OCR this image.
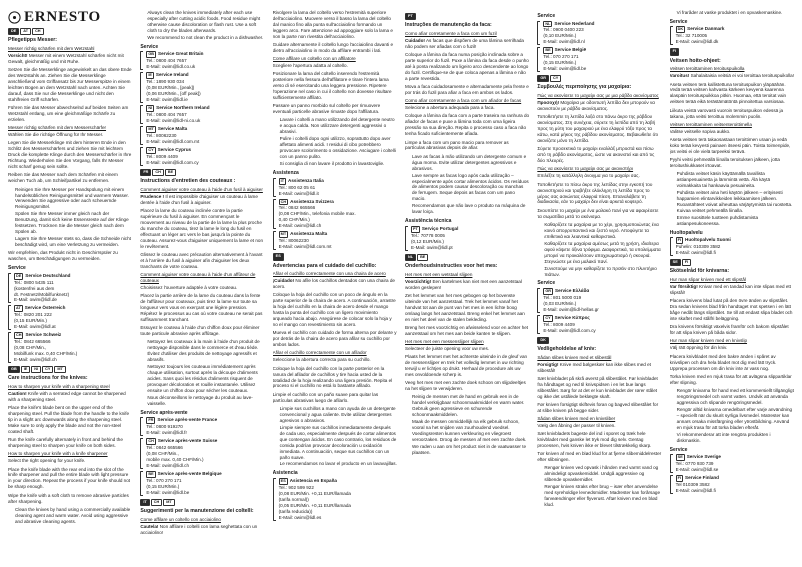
ERNESTO
DE	AT	CH
Pflegetipps Messer:
Messer richtig schärfen mit dem Wetzstahl

Vorsicht! Messer mit einem Wetzstahl schärfen nicht mit Gewalt, gleichmäßig und mit Ruhe.

Setzen Sie die Messerklinge angewinkelt an das obere Ende des Wetzstahls an. Ziehen Sie die Messerklinge anschließend vom Griffansatz bis zur Messerspitze in einem leichten Bogen an dem Wetzstahl nach unten. Achten Sie darauf, dass Sie nur die Messerklinge und nicht den stahlfreien Griff schärfen.

Führen Sie das Messer abwechselnd auf beiden Seiten am Wetzstahl entlang, um eine gleichmäßige Schärfe zu erzielen.

Messer richtig schärfen mit dem Messerschärfer

Wählen Sie die richtige Öffnung für Ihr Messer.

Legen Sie die Messerklinge mit dem hinteren Ende in den Schlitz des Messerschärfers und ziehen Sie mit leichtem Druck die komplette Klinge durch den Messerschärfer in Ihre Richtung. Wiederholen Sie den Vorgang, falls Ihr Messer nicht scharf genug sein sollte.

Reiben Sie das Messer nach dem Schärfen mit einem weichen Tuch ab, um Schleifpartikel zu entfernen.

• Reinigen Sie Ihre Messer per Handspülung mit einem handelsüblichen Reinigungsmittel und warmem Wasser. Verwenden Sie aggressive oder auch scheuernde Reinigungsmittel.
• Spülen Sie Ihre Messer immer gleich nach der Benutzung, damit sich keine Essensreste auf der Klinge festsetzen. Trocknen Sie die Messer gleich nach dem Spülen ab.
• Lagern Sie Ihre Messer stets so, dass die Schneide nicht beschädigt wird, um eine Verletzung zu vermeiden.

Wir empfehlen, das Produkt nicht in Geschirrspüler zu waschen, um Beschädigungen zu vermeiden.

Service
DE Service Deutschland
Tel.: 0800 5435 111
(kostenfrei aus dem
dt. Festnetz/Mobilfunknetz)
E-Mail: owim@lidl.de
AT Service Österreich
Tel.: 0820 201 222
(0,15 EUR/Min.)
E-Mail: owim@lidl.at
CH Service Schweiz
Tel.: 0842 665566
(0,08 CHF/Min.,
Mobilfunk max. 0,40 CHF/Min.)
E-Mail: owim@lidl.ch
GB	IE	NI	CY	MT
Care instructions for the knives:
How to sharpen your knife with a sharpening steel

Caution! Knife with a serrated edge cannot be sharpened with a sharpening steel.

Place the knife's blade bent on the upper end of the sharpening steel. Pull the blade from the handle to the knife tip in a slight arc downwards along the sharpening steel. Make sure to only apply the blade and not the non-steel coated shaft.

Run the knife carefully alternately in front and behind the sharpening steel to sharpen your knife on both sides.

How to sharpen your knife with a knife sharpener

Select the right opening for your knife.

Place the knife blade with the rear end into the slot of the knife sharpener and pull the entire blade with light pressure in your direction. Repeat the process if your knife should not be sharp enough.

Wipe the knife with a soft cloth to remove abrasive particles after sharpening.

• Clean the knives by hand using a commercially available cleaning agent and warm water. Avoid using aggressive and abrasive cleaning agents.
• Always clean the knives immediately after each use especially after cutting acidic foods. Food residue might otherwise cause discoloration or flash rust. Use a soft cloth to dry the blades afterwards.
• We recommend to not clean the product in a dishwasher.
Service
GB Service Great Britain
Tel.: 0800 404 7657
E-Mail: owim@lidl.co.uk
IE Service Ireland
Tel.: 1890 930 034
(0,08 EUR/Min., [peak])
(0,06 EUR/Min., [off peak])
E-Mail: owim@lidl.ie
NI Service Northern Ireland
Tel.: 0800 404 7657
E-Mail: owim@lidl-ni.co.uk
MT Service Malta
Tel.: 80062230
E-Mail: owim@lidl.com.mt
CY Service Cyprus
Tel.: 8009 4409
E-Mail: owim@lidl.com.cy
FR	CH	BE
Instructions d'entretien des couteaux :
Comment aiguiser votre couteau à l'aide d'un fusil à aiguiser

Prudence ! Il est impossible d'aiguiser un couteau à lame dentée à l'aide d'un fusil à aiguiser.

Placez la lame du couteau inclinée contre la partie supérieure du fusil à aiguiser. En commençant le mouvement au niveau de la partie de la lame la plus proche du manche du couteau, tirez la lame le long du fusil en effectuant un léger arc vers le bas jusqu'à la pointe du couteau. Assurez-vous d'aiguiser uniquement la lame et non le revêtement.

Glissez le couteau avec précaution alternativement à l'avant et à l'arrière du fusil à aiguiser afin d'aiguiser les deux tranchants de votre couteau.

Comment aiguiser votre couteau à l'aide d'un affûteur de couteaux

Choisissez l'ouverture adaptée à votre couteau.

Placez la partie arrière de la lame du couteau dans la fente de l'affûteur pour couteaux, puis tirez la lame sur toute sa longueur vers vous en exerçant une légère pression. Répétez le processus au cas où votre couteau ne serait pas suffisamment tranchant.

Essuyez le couteau à l'aide d'un chiffon doux pour éliminer toute particule abrasive après affûtage.

• Nettoyez les couteaux à la main à l'aide d'un produit de nettoyage disponible dans le commerce et d'eau tiède. Évitez d'utiliser des produits de nettoyage agressifs et abrasifs.
• Nettoyez toujours les couteaux immédiatement après chaque utilisation, surtout après la découpe d'aliments acides. Sans quoi les résidus d'aliments risquent de provoquer décoloration et rouille instantanée. Utilisez ensuite un chiffon doux pour sécher les couteaux.
• Nous déconseillons le nettoyage du produit au lave-vaisselle.
Service après-vente
FR Service après-vente France
Tel.: 0800 919270
E-Mail: owim@lidl.fr
CH Service après-vente Suisse
Tel.: 0842 665566
(0,08 CHF/Min.,
mobile max. 0,40 CHF/Min.)
E-Mail: owim@lidl.ch
BE Service après-vente Belgique
Tel.: 070 270 171
(0,15 EUR/Min.)
E-Mail: owim@lidl.be
IT	CH	MT
Suggerimenti per la manutenzione dei coltelli:
Come affilare un coltello con acciaiolino

Cautela! Non affilare i coltelli con lama seghettata con un acciaiolino!

Rivolgere la lama del coltello verso l'estremità superiore dell'acciaiolino. Muovere verso il basso la lama del coltello dal manico fino alla punta sull'acciaiolino formando un leggero arco. Fare attenzione ad appoggiare solo la lama e non la parte non rivestita dell'acciaiolino.

Guidare alternamente il coltello lungo l'acciaiolino davanti e dietro all'acciaiolino in modo da affilare entrambi i lati.

Come affilare un coltello con un affilatore

Scegliere l'apertura adatta al coltello.

Posizionare la lama del coltello inserendo l'estremità posteriore nella fessura dell'affilatore e tirare l'intera lama verso di sé esercitando una leggera pressione. Ripetere l'operazione nel caso in cui il coltello non dovesse risultare sufficientemente affilato.

Passare un panno morbido sul coltello per rimuovere eventuali particelle abrasive rimaste dopo l'affilatura.

• Lavare i coltelli a mano utilizzando del detergente neutro e acqua calda. Non utilizzare detergenti aggressivi o abrasivi.
• Pulire i coltelli dopo ogni utilizzo, soprattutto dopo aver affettato alimenti acidi. I residui di cibo potrebbero provocare scolorimento o ossidazione. Asciugare i coltelli con un panno pulito.
• Si consiglia di non lavare il prodotto in lavastoviglie.
Assistenza
IT Assistenza Italia
Tel.: 800 62 05 61
E-Mail: owim@lidl.it
CH Assistenza Svizzera
Tel.: 0842 665566
(0,08 CHF/Min., telefonia mobile max.
0,40 CHF/Min.)
E-Mail: owim@lidl.ch
MT Assistenza Malta
Tel.: 80062230
E-Mail: owim@lidl.com.mt
ES
Advertencias para el cuidado del cuchillo:
Afilar el cuchillo correctamente con una chaira de acero

¡Cuidado! No afile los cuchillos dentados con una chaira de acero.

Coloque la hoja del cuchillo con un poco de ángulo en la parte superior de la chaira de acero. A continuación, arrastre la hoja del cuchillo en la chaira de acero desde el mango hasta la punta del cuchillo con un ligero movimiento arqueado hacia abajo. Asegúrese de colocar solo la hoja y no el mango con revestimiento sin acero.

Mueva el cuchillo con cuidado de forma alterna por delante y por detrás de la chaira de acero para afilar su cuchillo por ambos lados.

Afilar el cuchillo correctamente con un afilador

Seleccione la abertura correcta para su cuchillo.

Coloque la hoja del cuchillo con la parte posterior en la ranura del afilador de cuchillos y tire hacia usted de la totalidad de la hoja realizando una ligera presión. Repita el proceso si el cuchillo no está lo bastante afilado.

Limpie el cuchillo con un paño suave para quitar las partículas abrasivas luego de afilarlo.

• Limpie sus cuchillos a mano con ayuda de un detergente convencional y agua caliente. Evite utilizar detergentes agresivos o abrasivos.
• Limpie siempre sus cuchillos inmediatamente después de cada uso, especialmente después de cortar alimentos que contengan ácidos. En caso contrario, los residuos de comida podrían provocar decoloración u oxidación inmediata. A continuación, seque sus cuchillos con un paño suave.
• Le recomendamos no lavar el producto en un lavavajillas.
Asistencia
ES Asistencia en España
Tel.: 902 599 922
(0,08 EUR/Min. +0,11 EUR/llamada
(tarifa normal))
(0,05 EUR/Min. +0,11 EUR/llamada
(tarifa reducida))
E-Mail: owim@lidl.es
PT
Instruções de manutenção da faca:
Como afiar corretamente a faca com um fuzil

Cuidado! As facas que dispõem de uma lâmina serrilhada não podem ser afiadas com o fuzil!

Coloque a lâmina da faca numa posição inclinada sobre a parte superior do fuzil. Puxe a lâmina da faca desde o punho até à ponta realizando um ligeiro arco descendente ao longo do fuzil. Certifique-se de que coloca apenas a lâmina e não a parte revestida.

Mova a faca cuidadosamente e alternadamente pela frente e por trás do fuzil para afiar a faca em ambos os lados.

Como afiar corretamente a faca com um afiador de facas

Selecione a abertura adequada para a faca.

Coloque a lâmina da faca com a parte traseira na ranhura do afiador de facas e puxe a lâmina toda com uma ligeira pressão na sua direção. Repita o processo caso a faca não tenha ficado suficientemente afiada.

Limpe a faca com um pano macio para remover as partículas abrasivas depois de afiar.

• Lave as facas à mão utilizando um detergente comum e água morna. Evite utilizar detergentes agressivos e abrasivos.
• Lave sempre as facas logo após cada utilização – especialmente após cortar alimentos ácidos. Os resíduos de alimentos podem causar descoloração ou manchas de ferrugem. Seque depois as facas com um pano macio.
• Recomendamos que não lave o produto na máquina de lavar loiça.
Assistência técnica
PT Serviço Portugal
Tel.: 70778 0005
(0,12 EUR/Min.)
E-Mail: owim@lidl.pt
NL	BE
Onderhoudsinstructies voor het mes:
Het mes met een wetstaal slijpen

Voorzichtig! Een kartelmes kan niet met een aanzetstaal worden geslepen!

Zet het lemmet van het mes gebogen op het bovenste uiteinde van het aanzetstaal. Trek het lemmet vanaf het handvat tot aan de punt van het mes in een lichte boog omlaag langs het aanzetstaal. Breng enkel het lemmet aan en niet het deel van de stalen bekleding.

Breng het mes voorzichtig en afwisselend voor en achter het aanzetstaal om het mes aan beide kanten te slijpen.

Het mes met een messenslijper slijpen

Selecteer de juiste opening voor uw mes.

Plaats het lemmet met het achterste uiteinde in de gleuf van de messenslijper en trek het volledig lemmet in uw richting terwijl u er lichtjes op drukt. Herhaal de procedure als uw mes onvoldoende scherp is.

Veeg het mes met een zachte doek schoon om slijpdeeltjes na het slijpen te verwijderen.

• Reinig de messen met de hand en gebruik een in de handel verkrijgbaar schoonmaakmiddel en warm water. Gebruik geen agressieve en schurende schoonmaakmiddelen.
• Maak de messen onmiddellijk na elk gebruik schoon, vooral na het snijden van zuurhoudend voedsel. Voedingsresten kunnen verkleuring en vliegroest veroorzaken. Droog de messen af met een zachte doek.
• We raden u aan om het product niet in de vaatwasser te plaatsen.
Service
NL Service Nederland
Tel.: 0900 0400 223
(0,10 EUR/Min.)
E-Mail: owim@lidl.nl
BE Service België
Tel.: 070 270 171
(0,15 EUR/Min.)
E-Mail: owim@lidl.be
GR	CY
Συμβουλές περιποίησης για μαχαίρια:
Πώς να ακονίσετε το μαχαίρι σας με μια ράβδο ακονίσματος

Προσοχή! Μαχαίρια με οδοντωτή λεπίδα δεν μπορούν να ακονιστούν με ράβδο ακονίσματος.

Τοποθετήστε τη λεπίδα λοξά στο πάνω άκρο της ράβδου ακονίσματος. Στη συνέχεια, σύρετε τη λεπίδα από τη λαβή προς τη μύτη του μαχαιριού με ένα ελαφρύ τόξο προς τα κάτω, κατά μήκος της ράβδου ακονίσματος. Βεβαιωθείτε ότι ακονίζετε μόνο τη λεπίδα.

Σύρετε προσεκτικά το μαχαίρι εναλλάξ μπροστά και πίσω από τη ράβδο ακονίσματος, ώστε να ακονιστεί και από τις δύο πλευρές.

Πώς να ακονίσετε το μαχαίρι σας με ακονιστήρι

Επιλέξτε τη κατάλληλη άνοιγμα για το μαχαίρι σας.

Τοποθετήστε το πίσω άκρο της λεπίδας στην εγκοπή του ακονιστηριού και τραβήξτε ολόκληρη τη λεπίδα προς το μέρος σας ασκώντας ελαφριά πίεση. Επαναλάβετε τη διαδικασία, εάν το μαχαίρι δεν είναι αρκετά κοφτερό.

Σκουπίστε το μαχαίρι με ένα μαλακό πανί για να αφαιρέσετε τα σωματίδια μετά το ακόνισμα.

• Καθαρίζετε τα μαχαίρια με το χέρι, χρησιμοποιώντας ένα κοινό απορρυπαντικό και ζεστό νερό. Αποφύγετε τα επιθετικά και λειαντικά καθαριστικά.
• Καθαρίζετε τα μαχαίρια αμέσως μετά τη χρήση, ιδιαίτερα αφού κόψετε όξινα τρόφιμα. Διαφορετικά, τα υπολείμματα μπορεί να προκαλέσουν αποχρωματισμό ή σκουριά. Στεγνώστε με ένα μαλακό πανί.
• Συνιστούμε να μην καθαρίζετε το προϊόν στο πλυντήριο πιάτων.
Service
GR Service Ελλάδα
Tel.: 801 5000 019
(0,03 EUR/Min.)
E-Mail: owim@lidl-hellas.gr
CY Service Κύπρος
Tel.: 8009 4409
E-Mail: owim@lidl.com.cy
DK
Vedligeholdelse af kniv:
Sådan slibes kniven med et slibestål

Forsigtig! Knive med bølgeskær kan ikke slibes med et slibestål!

Sæt knivbladet på skrå øverst på slibestålet. Før knivbladet fra håndtaget og ned til knivspidsen i en let bue langs slibestålet. Sørg for at det er kun knivbladet der rører stålet og ikke det ustålede beklægte skaft.

Før kniven forsigtigt skiftevis foran og bagved slibestålet for at slibe kniven på begge sider.

Sådan slibes kniven med en knivsliber

Vælg den åbning der passer til kniven.

Sæt knivbladets bageste del ind i sporet og træk hele knivbladet med ganske let tryk mod dig selv. Gentag processen, hvis kniven ikke er blevet tilstrækkelig skarp.

Tør kniven af med en blød klud for at fjerne slibemiddelrester efter slibningen.

• Rengør kniven ved opvask i hånden med varmt vand og almindeligt opvaskemiddel. Undgå aggressive og slibende opvaskemidler.
• Rengør kniven straks efter brug – især efter anvendelse med syreholdige levnedsmidler. Madrester kan forårsage farveændringer eller flyverust. Aftør kniven med en blød klud.
• Vi fraråder at vaske produktet i en opvaskemaskine.
Service
DK Service Danmark
Tel.: 32 710005
E-Mail: owim@lidl.dk
FI
Veitsen hoito-ohjeet:
Veitsen teroittaminen teroituspuikolla

Varoitus! Sahalaitaisia veitsiä ei voi teroittaa teroituspuikolla!

Aseta veitsen terä kallistettuna teroituspuikon yläpäähän. Vedä terää veitsen kahvasta kärkeen kevyenä kaarenna alaspäin teroituspuikkoa pitkin. Huomaa, että teroitat vain veitsen terää eikä terästämätöntä pinnoitettua varsiosaa.

Liikuta veistä varovasti vuoroin teroituspuikon edessä ja takana, jotta veitsi teroittuu molemmin puolin.

Veitsen teroittaminen veitsenteroittimella

Valitse veitselle sopiva aukko.

Aseta veitsen terä takaosastaan teroittimen uraan ja vedä koko terää kevyesti painaen itseesi päin. Toista toimenpide, jos veitsi ei ole vielä tarpeeksi terävä.

Pyyhi veitsi pehmeällä liinalla teroituksen jälkeen, jotta teroitushiukkaset irtoavat.

• Puhdista veitset käsin käyttämällä tavallista astianpesuainetta ja lämmintä vettä. Älä käytä voimakkaita tai hankaavia pesuaineita.
• Puhdista veitset aina heti käytön jälkeen – erityisesti happamien elintarvikkeiden leikkaamisen jälkeen. Ruoantähteet voivat aiheuttaa värjäytymistä tai ruostetta. Kuivaa veitset pehmeällä liinalla.
• Emme suosittele tuotteen puhdistamista astianpesukoneessa.
Huoltopalvelu
FI Huoltopalvelu Suomi
Puhelin: 010309 3582
E-Mail: owim@lidl.fi
SE	FI
Skötselråd för knivarna:
Hur man slipar kniven med ett slipstål

Var försiktig! Knivar med en tandad kan inte slipas med ett slipstål!

Placera knivens blad lutat på den övre änden av slipstålet. Dra sedan knivens blad från handtaget mot spetsen i en lätt båge nedåt längs slipstålet. Se till att endast slipa bladet och inte skaftet med stålfri beläggning.

Dra knivens försiktigt växelvis framför och bakom slipstålet för att slipa kniven på båda sidor.

Hur man slipar kniven med en knivslip

Välj rätt öppning för din kniv.

Placera knivbladet med den bakre änden i spåret av knivslipen och dra hela bladet mot dig med lätt tryck. Upprepa processen om din kniv inte är vass nog.

Torka kniven med en mjuk trasa för att avlägsna slippartiklar efter slipning.

• Rengör knivarna för hand med ett kommersiellt tillgängligt rengöringsmedel och varmt vatten. Undvik att använda aggressiva och slipande rengöringsmedel.
• Rengör alltid knivarna omedelbart efter varje användning – speciellt när du skurit syrliga livsmedel. Matrester kan annars orsaka missfärgning eller ytrostbildning. Använd en mjuk trasa för att torka bladen efteråt.
• Vi rekommenderar att inte rengöra produkten i diskmaskin.
Service
SE Service Sverige
Tel.: 0770 930 739
E-Mail: owim@lidl.se
FI Service Finland
Tel 010309 3582
E-Mail: owim@lidl.fi
